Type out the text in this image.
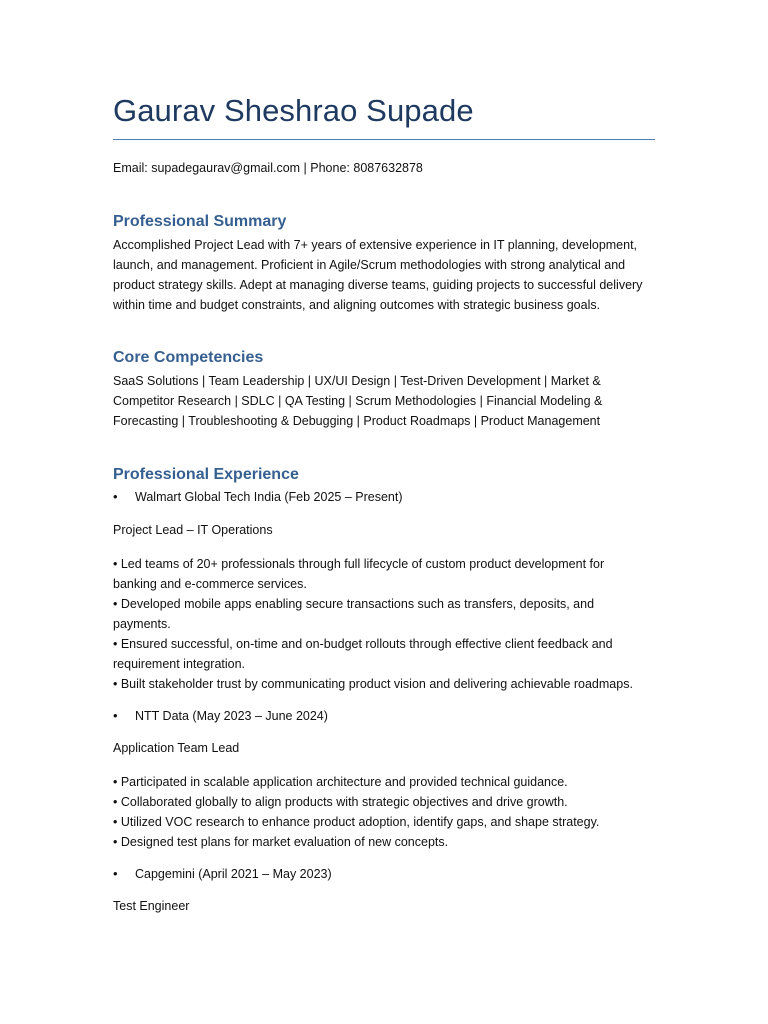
Gaurav Sheshrao Supade
Email: supadegaurav@gmail.com | Phone: 8087632878
Professional Summary
Accomplished Project Lead with 7+ years of extensive experience in IT planning, development,
launch, and management. Proficient in Agile/Scrum methodologies with strong analytical and
product strategy skills. Adept at managing diverse teams, guiding projects to successful delivery
within time and budget constraints, and aligning outcomes with strategic business goals.
Core Competencies
SaaS Solutions | Team Leadership | UX/UI Design | Test-Driven Development | Market &
Competitor Research | SDLC | QA Testing | Scrum Methodologies | Financial Modeling &
Forecasting | Troubleshooting & Debugging | Product Roadmaps | Product Management
Professional Experience
• Walmart Global Tech India (Feb 2025 – Present)
Project Lead – IT Operations
• Led teams of 20+ professionals through full lifecycle of custom product development for
banking and e-commerce services.
• Developed mobile apps enabling secure transactions such as transfers, deposits, and
payments.
• Ensured successful, on-time and on-budget rollouts through effective client feedback and
requirement integration.
• Built stakeholder trust by communicating product vision and delivering achievable roadmaps.
• NTT Data (May 2023 – June 2024)
Application Team Lead
• Participated in scalable application architecture and provided technical guidance.
• Collaborated globally to align products with strategic objectives and drive growth.
• Utilized VOC research to enhance product adoption, identify gaps, and shape strategy.
• Designed test plans for market evaluation of new concepts.
• Capgemini (April 2021 – May 2023)
Test Engineer
